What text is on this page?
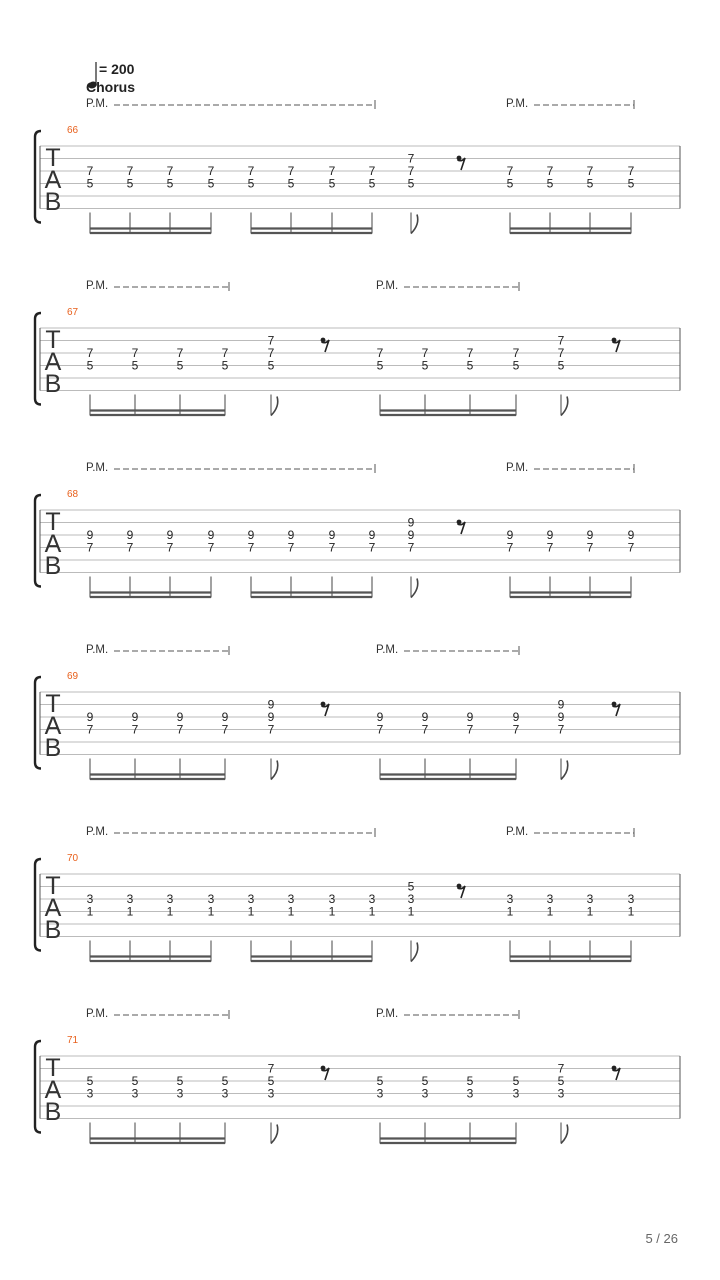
= 200
Chorus
P.M.	P.M.
66
T
A
B
7
5
7
5
7
5
7
5
7
5
7
5
7
5
7
5
7
7
5
7
5
7
5
7
5
7
5
P.M.	P.M.
67
T
A
B
7
5
7
5
7
5
7
5
7
7
5
7
5
7
5
7
5
7
5
7
7
5
P.M.	P.M.
68
T
A
B
9
7
9
7
9
7
9
7
9
7
9
7
9
7
9
7
9
9
7
9
7
9
7
9
7
9
7
P.M.	P.M.
69
T
A
B
9
7
9
7
9
7
9
7
9
9
7
9
7
9
7
9
7
9
7
9
9
7
P.M.	P.M.
70
T
A
B
3
1
3
1
3
1
3
1
3
1
3
1
3
1
3
1
5
3
1
3
1
3
1
3
1
3
1
P.M.	P.M.
71
T
A
B
5
3
5
3
5
3
5
3
7
5
3
5
3
5
3
5
3
5
3
7
5
3
5 / 26
